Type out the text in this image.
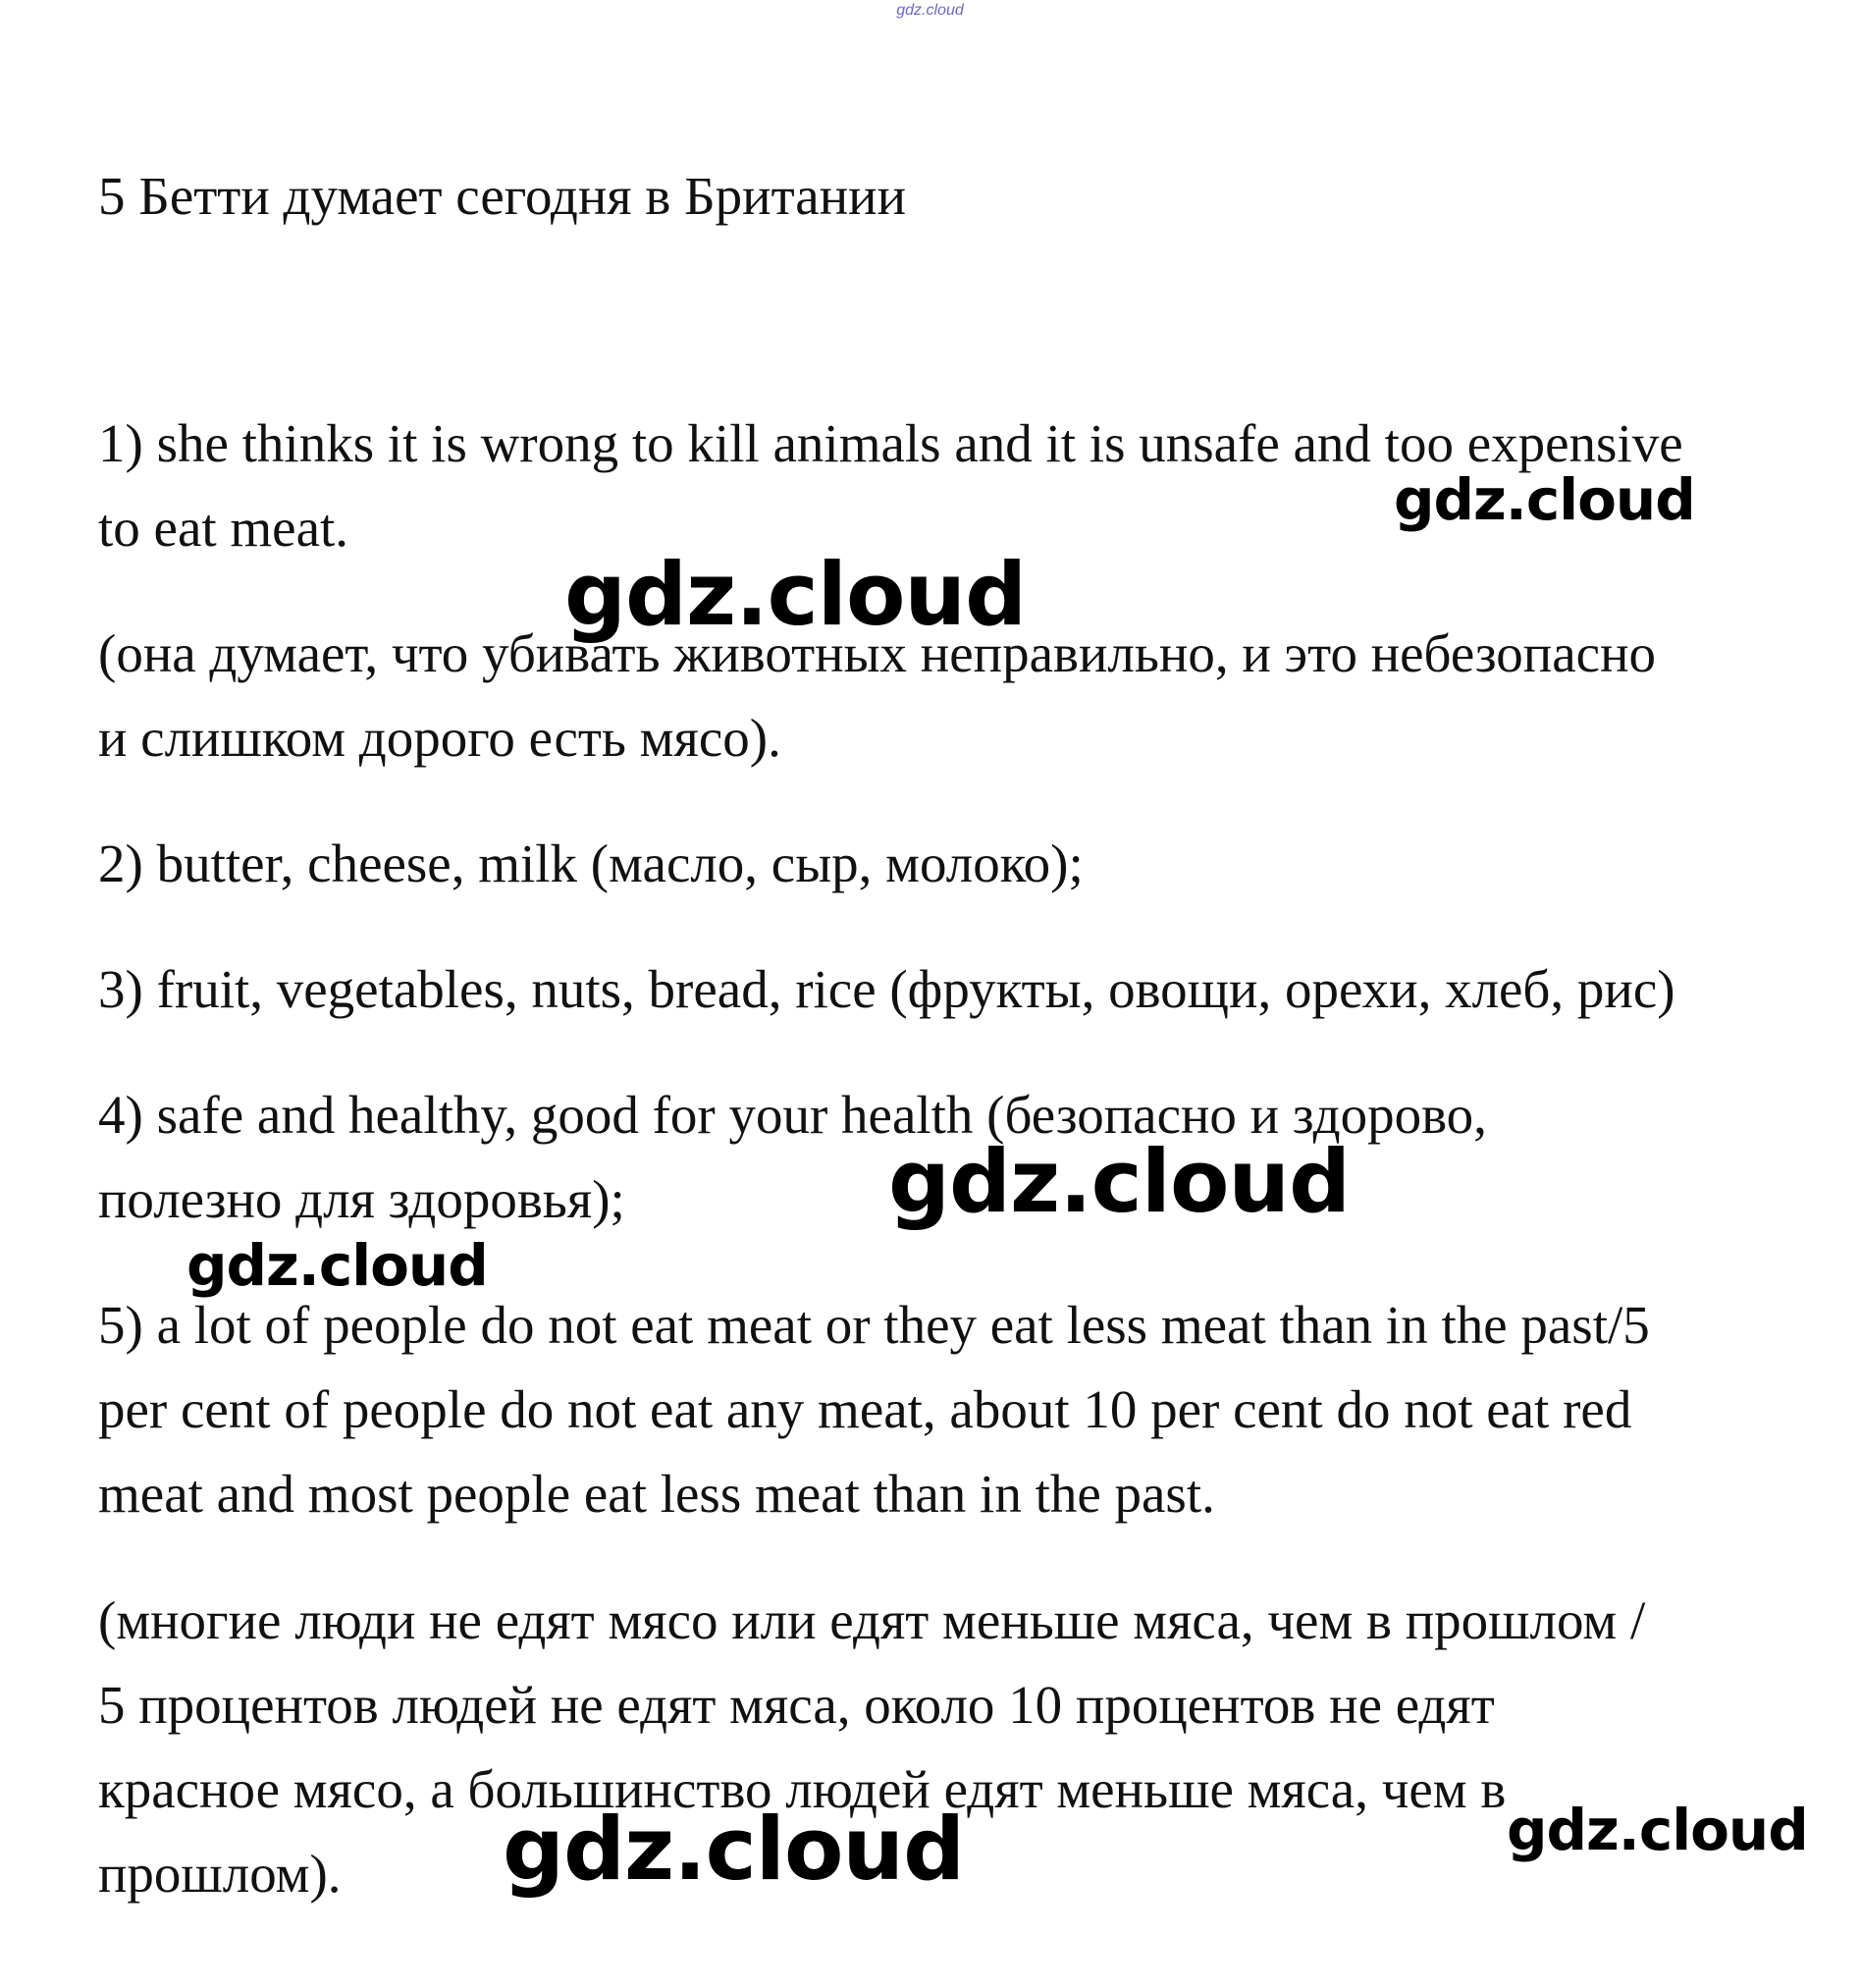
gdz.cloud
5 Бетти думает сегодня в Британии
1) she thinks it is wrong to kill animals and it is unsafe and too expensive
to eat meat.
(она думает, что убивать животных неправильно, и это небезопасно
и слишком дорого есть мясо).
2) butter, cheese, milk (масло, сыр, молоко);
3) fruit, vegetables, nuts, bread, rice (фрукты, овощи, орехи, хлеб, рис)
4) safe and healthy, good for your health (безопасно и здорово,
полезно для здоровья);
5) a lot of people do not eat meat or they eat less meat than in the past/5
per cent of people do not eat any meat, about 10 per cent do not eat red
meat and most people eat less meat than in the past.
(многие люди не едят мясо или едят меньше мяса, чем в прошлом /
5 процентов людей не едят мяса, около 10 процентов не едят
красное мясо, а большинство людей едят меньше мяса, чем в
прошлом).
gdz.cloud
gdz.cloud
gdz.cloud
gdz.cloud
gdz.cloud	gdz.cloud
